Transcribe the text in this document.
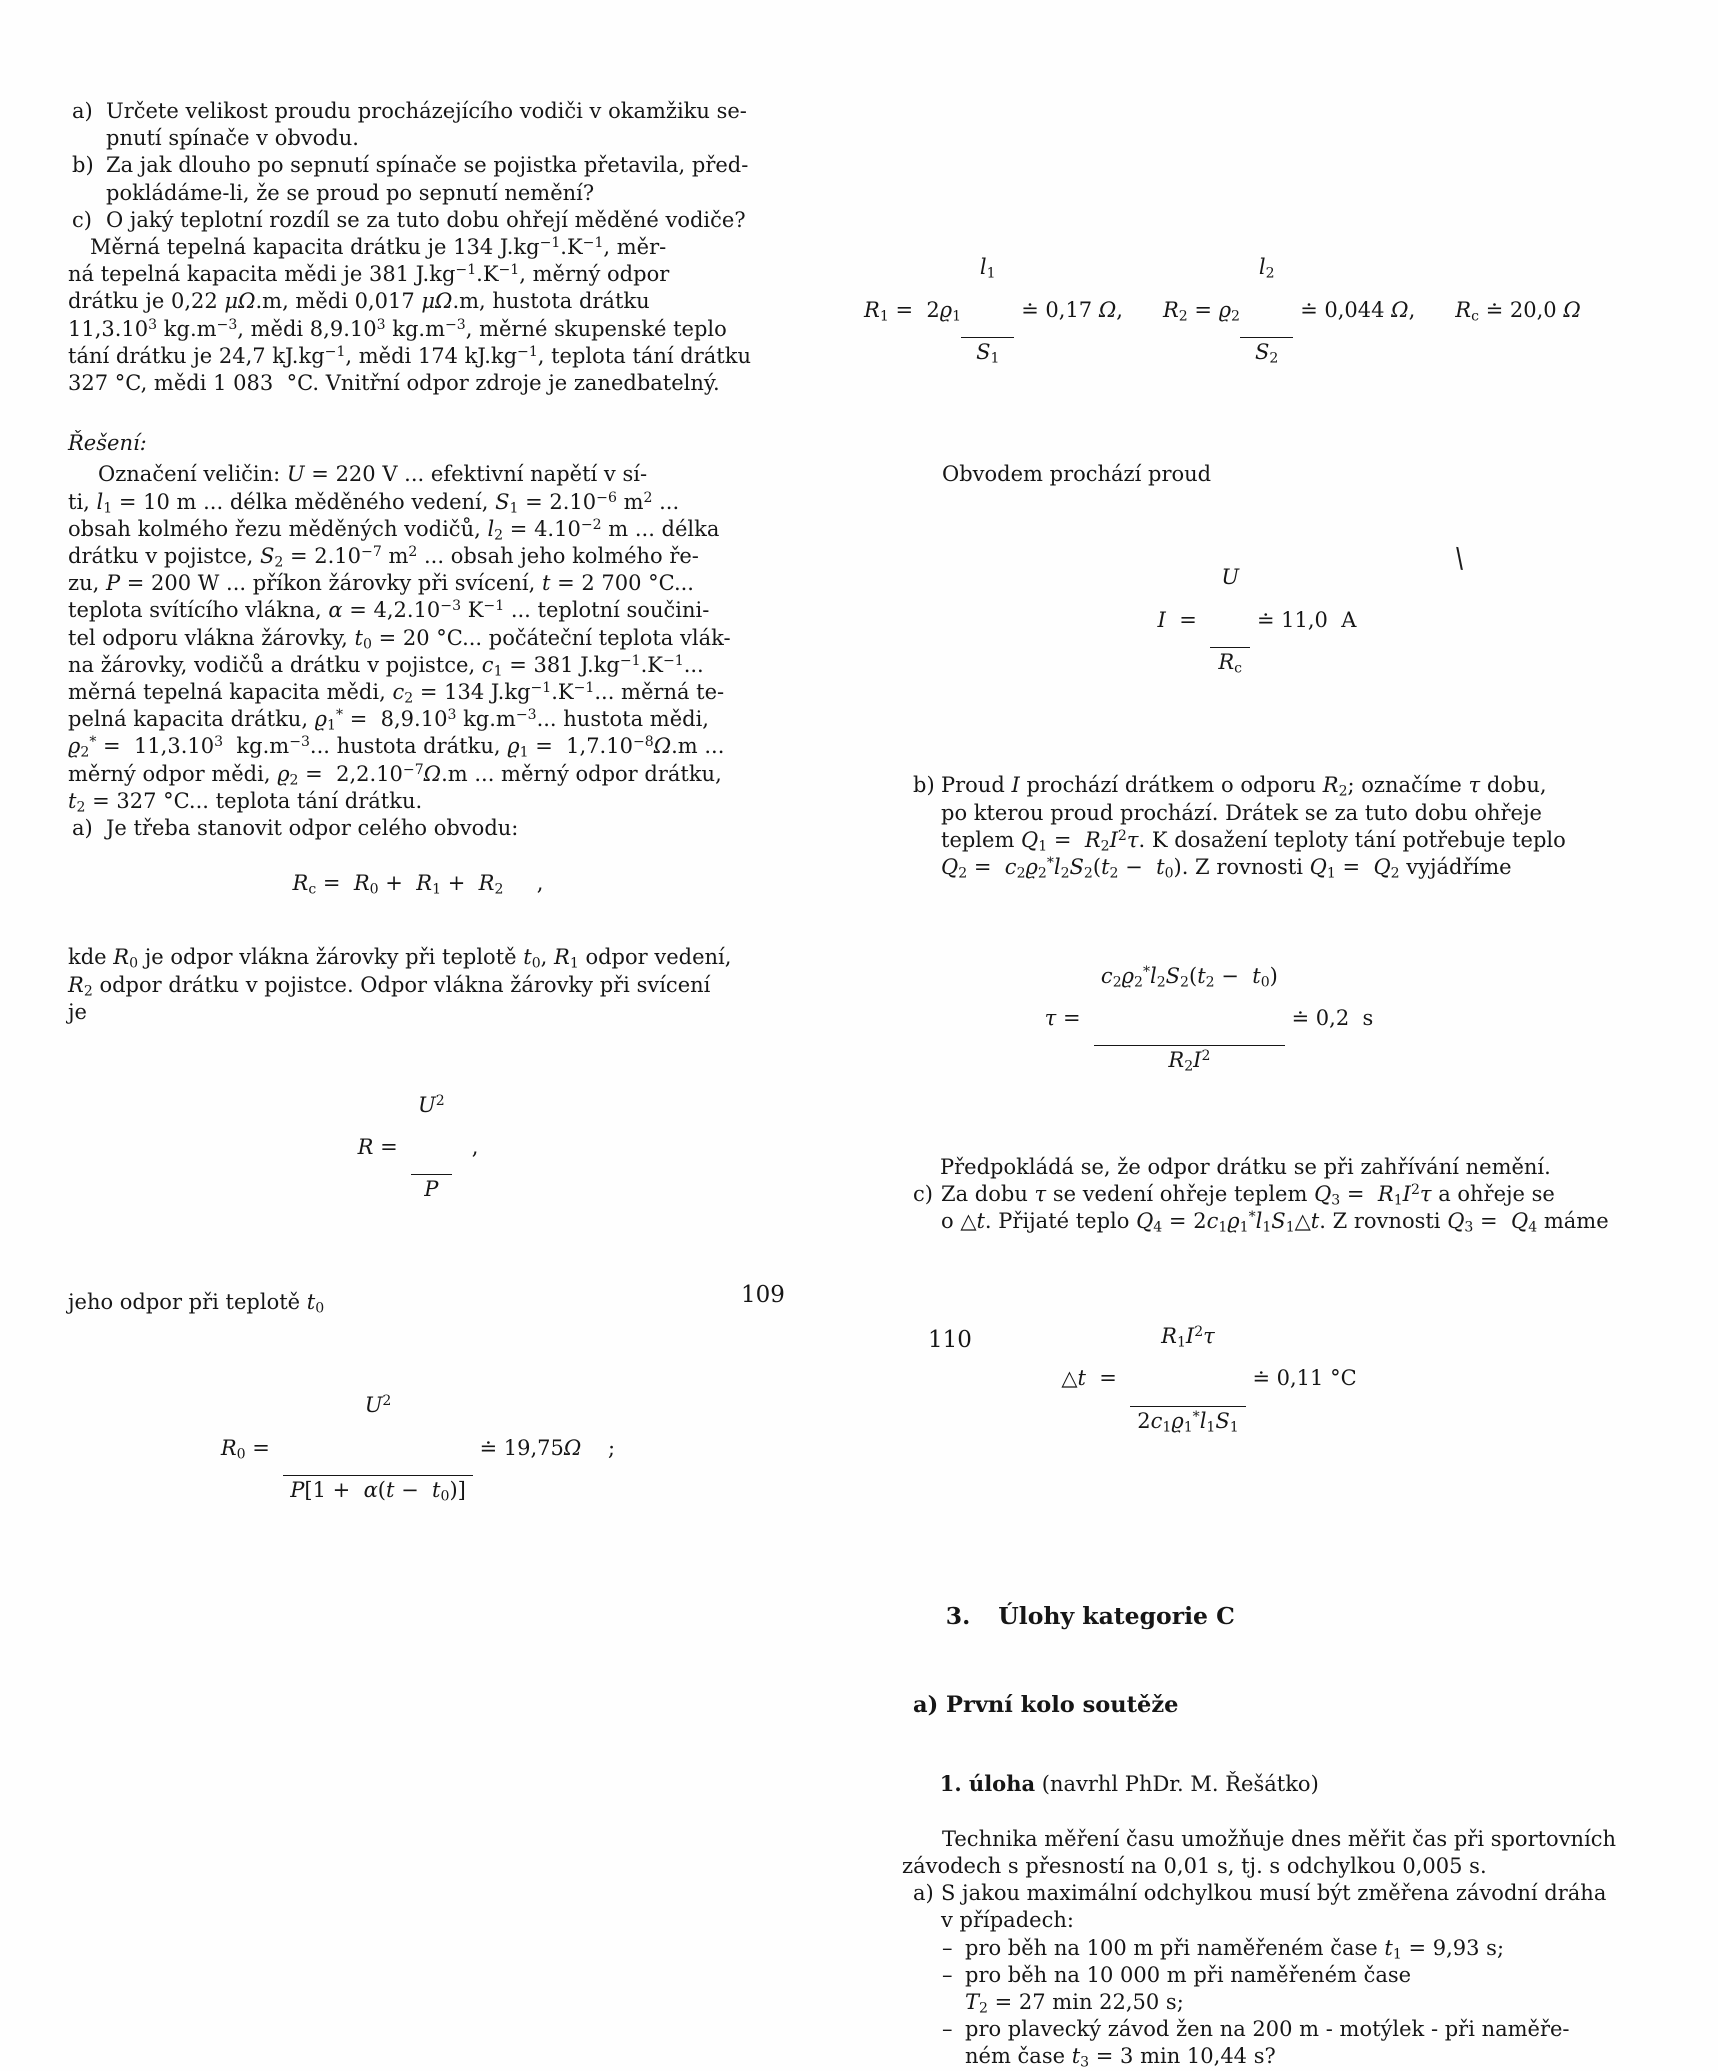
a) Určete velikost proudu procházejícího vodiči v okamžiku se-
pnutí spínače v obvodu.
b) Za jak dlouho po sepnutí spínače se pojistka přetavila, před-
pokládáme-li, že se proud po sepnutí nemění?
c) O jaký teplotní rozdíl se za tuto dobu ohřejí měděné vodiče?
Měrná tepelná kapacita drátku je 134 $J.kg^{-1}.K^{-1}$, měr-
ná tepelná kapacita mědi je 381 $J.kg^{-1}.K^{-1}$, měrný odpor
drátku je 0,22 μΩ.m, mědi 0,017 μΩ.m, hustota drátku
11,3.10$^3$ $kg.m^{-3}$, mědi 8,9.10$^3$ $kg.m^{-3}$, měrné skupenské teplo
tání drátku je 24,7 $kJ.kg^{-1}$, mědi 174 $kJ.kg^{-1}$, teplota tání drátku
327 °C, mědi 1 083  °C. Vnitřní odpor zdroje je zanedbatelný.
Řešení:
Označení veličin: U = 220 V ... efektivní napětí v sí-
ti, $l_1 = 10$ m ... délka měděného vedení, $S_1 = 2.10^{-6}$ $m^2$ ...
obsah kolmého řezu měděných vodičů, $l_2 = 4.10^{-2}$ m ... délka
drátku v pojistce, $S_2 = 2.10^{-7}$ $m^2$ ... obsah jeho kolmého ře-
zu, P = 200 W ... příkon žárovky při svícení, t = 2 700 °C...
teplota svítícího vlákna, $\alpha = 4,2.10^{-3}$ $K^{-1}$ ... teplotní součini-
tel odporu vlákna žárovky, $t_0 = 20$ °C... počáteční teplota vlák-
na žárovky, vodičů a drátku v pojistce, $c_1 = 381$ $J.kg^{-1}.K^{-1}$...
měrná tepelná kapacita mědi, $c_2 = 134$ $J.kg^{-1}.K^{-1}$... měrná te-
pelná kapacita drátku, $ϱ_1^* = 8,9.10^3$ $kg.m^{-3}$... hustota mědi,
$ϱ_2^* = 11,3.10^3$  $kg.m^{-3}$... hustota drátku, $ϱ_1 = 1,7.10^{-8}\Omega.m$ ...
měrný odpor mědi, $ϱ_2 = 2,2.10^{-7}\Omega.m$ ... měrný odpor drátku,
$t_2 = 327$ °C... teplota tání drátku.
a) Je třeba stanovit odpor celého obvodu:
$R_c = R_0 + R_1 + R_2$     ,
kde $R_0$ je odpor vlákna žárovky při teplotě $t_0$, $R_1$ odpor vedení,
$R_2$ odpor drátku v pojistce. Odpor vlákna žárovky při svícení
je
R =

$\frac{U^2}{P}$

,
jeho odpor při teplotě $t_0$
$R_0$ =

$\frac{U^2}{P[1 + \alpha(t - t_0)]}$

≐ 19,75Ω    ;
$R_1 = 2ϱ_1$

$\frac{l_1}{S_1}$

≐ 0,17 Ω, $R_2 = ϱ_2$

$\frac{l_2}{S_2}$

≐ 0,044 Ω, $R_c$ ≐ 20,0 Ω
Obvodem prochází proud
I  =

$\frac{U}{R_c}$

≐ 11,0  A
b) Proud I prochází drátkem o odporu $R_2$; označíme τ dobu,
po kterou proud prochází. Drátek se za tuto dobu ohřeje
teplem $Q_1 = R_2I^2\tau$. K dosažení teploty tání potřebuje teplo
$Q_2 = c_2ϱ_2^*l_2S_2(t_2 - t_0)$. Z rovnosti $Q_1 = Q_2$ vyjádříme
τ =

$\frac{c_2ϱ_2^*l_2S_2(t_2 - t_0)}{R_2I^2}$

≐ 0,2  s
Předpokládá se, že odpor drátku se při zahřívání nemění.
c) Za dobu τ se vedení ohřeje teplem $Q_3 = R_1I^2\tau$ a ohřeje se
o △t. Přijaté teplo $Q_4$ = $2c_1ϱ_1^*l_1S_1\triangle t$. Z rovnosti $Q_3 = Q_4$ máme
△t  =

$\frac{R_1I^2\tau}{2c_1ϱ_1^*l_1S_1}$

≐ 0,11 °C

3. Úlohy kategorie C

a) První kolo soutěže

1. úloha (navrhl PhDr. M. Řešátko)

Technika měření času umožňuje dnes měřit čas při sportovních
závodech s přesností na 0,01 s, tj. s odchylkou 0,005 s.
a) S jakou maximální odchylkou musí být změřena závodní dráha
v případech:
– pro běh na 100 m při naměřeném čase $t_1 = 9,93$ s;
– pro běh na 10 000 m při naměřeném čase
$T_2 = 27$ min 22,50 s;
– pro plavecký závod žen na 200 m - motýlek - při naměře-
ném čase $t_3 = 3$ min 10,44 s?
109
110
\
